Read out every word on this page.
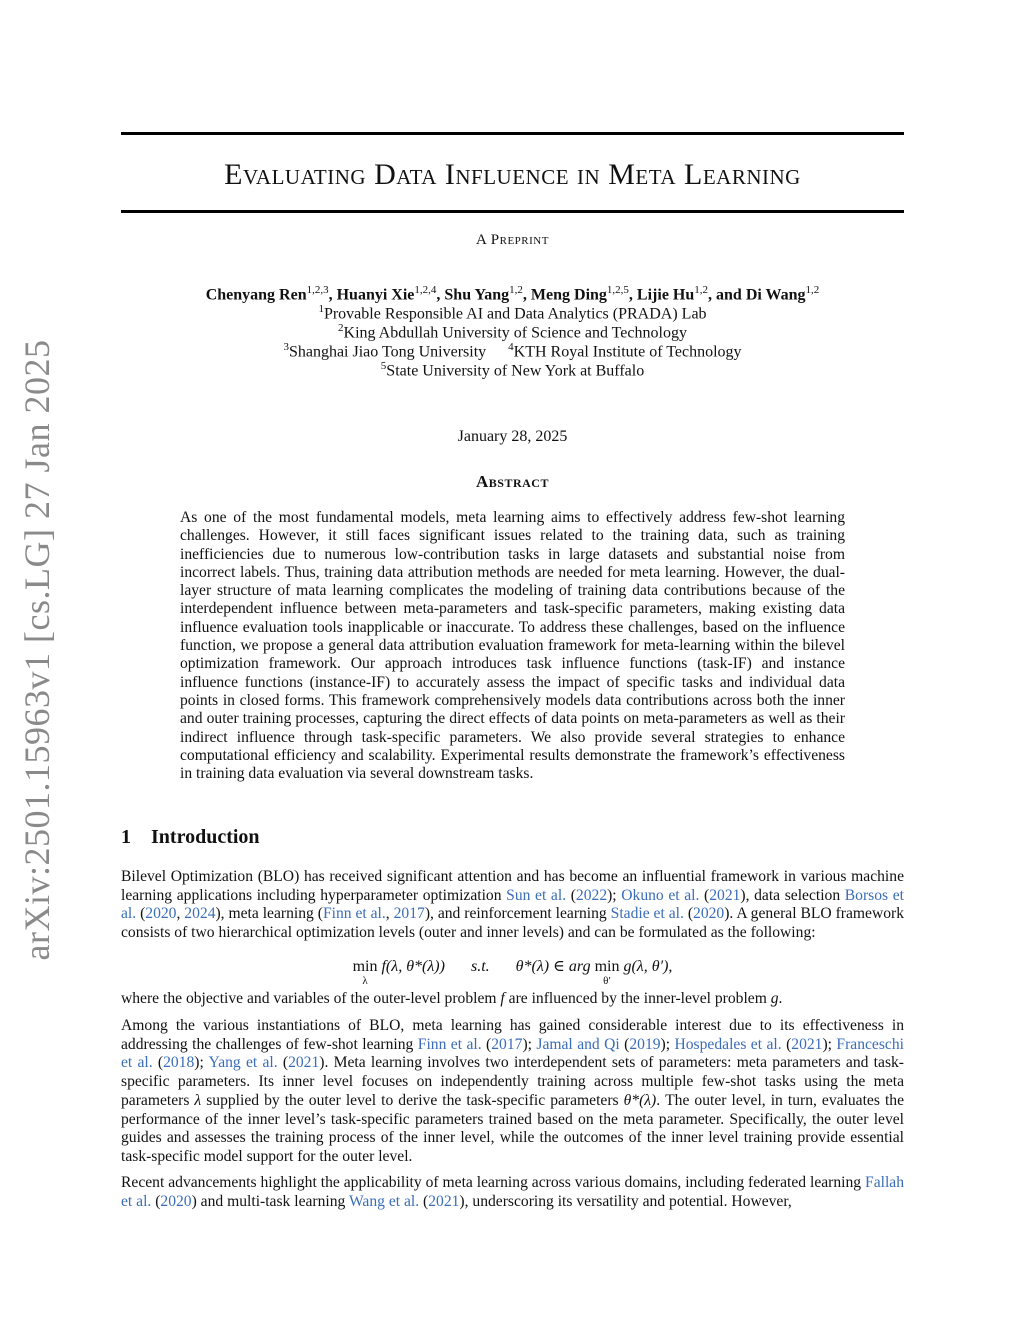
arXiv:2501.15963v1 [cs.LG] 27 Jan 2025
Evaluating Data Influence in Meta Learning
A Preprint
Chenyang Ren$^{1,2,3}$, Huanyi Xie$^{1,2,4}$, Shu Yang$^{1,2}$, Meng Ding$^{1,2,5}$, Lijie Hu$^{1,2}$, and Di Wang$^{1,2}$
$^1$Provable Responsible AI and Data Analytics (PRADA) Lab
$^2$King Abdullah University of Science and Technology
$^3$Shanghai Jiao Tong University $^4$KTH Royal Institute of Technology
$^5$State University of New York at Buffalo
January 28, 2025
Abstract

As one of the most fundamental models, meta learning aims to effectively address few-shot learning challenges. However, it still faces significant issues related to the training data, such as training inefficiencies due to numerous low-contribution tasks in large datasets and substantial noise from incorrect labels. Thus, training data attribution methods are needed for meta learning. However, the dual-layer structure of mata learning complicates the modeling of training data contributions because of the interdependent influence between meta-parameters and task-specific parameters, making existing data influence evaluation tools inapplicable or inaccurate. To address these challenges, based on the influence function, we propose a general data attribution evaluation framework for meta-learning within the bilevel optimization framework. Our approach introduces task influence functions (task-IF) and instance influence functions (instance-IF) to accurately assess the impact of specific tasks and individual data points in closed forms. This framework comprehensively models data contributions across both the inner and outer training processes, capturing the direct effects of data points on meta-parameters as well as their indirect influence through task-specific parameters. We also provide several strategies to enhance computational efficiency and scalability. Experimental results demonstrate the framework’s effectiveness in training data evaluation via several downstream tasks.

1 Introduction

Bilevel Optimization (BLO) has received significant attention and has become an influential framework in various machine learning applications including hyperparameter optimization Sun et al. (2022); Okuno et al. (2021), data selection Borsos et al. (2020, 2024), meta learning (Finn et al., 2017), and reinforcement learning Stadie et al. (2020). A general BLO framework consists of two hierarchical optimization levels (outer and inner levels) and can be formulated as the following:

min
λ
f(λ, θ*(λ)) s.t. θ*(λ) ∈ arg min
θ′
g(λ, θ′),

where the objective and variables of the outer-level problem f are influenced by the inner-level problem g.

Among the various instantiations of BLO, meta learning has gained considerable interest due to its effectiveness in addressing the challenges of few-shot learning Finn et al. (2017); Jamal and Qi (2019); Hospedales et al. (2021); Franceschi et al. (2018); Yang et al. (2021). Meta learning involves two interdependent sets of parameters: meta parameters and task-specific parameters. Its inner level focuses on independently training across multiple few-shot tasks using the meta parameters λ supplied by the outer level to derive the task-specific parameters θ*(λ). The outer level, in turn, evaluates the performance of the inner level’s task-specific parameters trained based on the meta parameter. Specifically, the outer level guides and assesses the training process of the inner level, while the outcomes of the inner level training provide essential task-specific model support for the outer level.

Recent advancements highlight the applicability of meta learning across various domains, including federated learning Fallah et al. (2020) and multi-task learning Wang et al. (2021), underscoring its versatility and potential. However,
